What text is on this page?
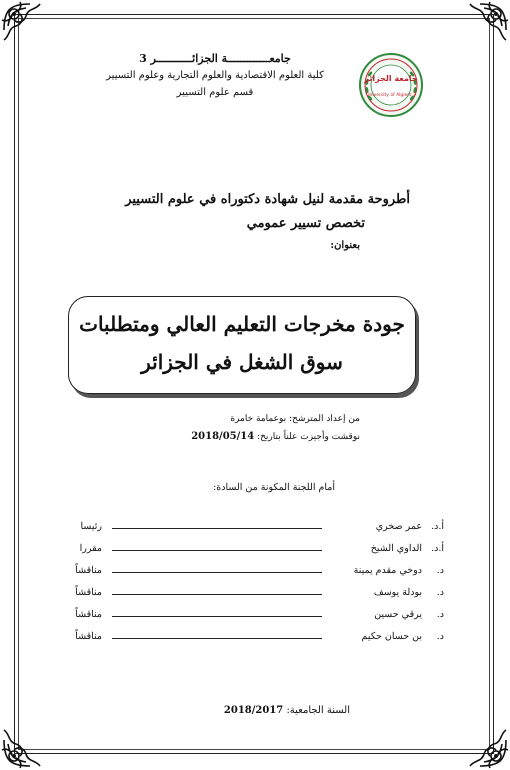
جامعـــــــــــــة الجزائـــــــــــر 3
كلية العلوم الاقتصادية والعلوم التجارية وعلوم التسيير
قسم علوم التسيير
جامعة الجزائر
University of Algiers 3
أطروحة مقدمة لنيل شهادة دكتوراه في علوم التسيير
تخصص تسيير عمومي
بعنوان:
جودة مخرجات التعليم العالي ومتطلبات
سوق الشغل في الجزائر
من إعداد المترشح: بوعمامة خامرة
نوقشت وأجيزت علناً بتاريخ: 2018/05/14
أمام اللجنة المكونة من السادة:
أ.د.
عمر صخري
رئيسا
أ.د.
الداوي الشيخ
مقررا
د.
دوخي مقدم يمينة
مناقشاً
د.
بودلة يوسف
مناقشاً
د.
يرقي حسين
مناقشاً
د.
بن حسان حكيم
مناقشاً
السنة الجامعية: 2018/2017
